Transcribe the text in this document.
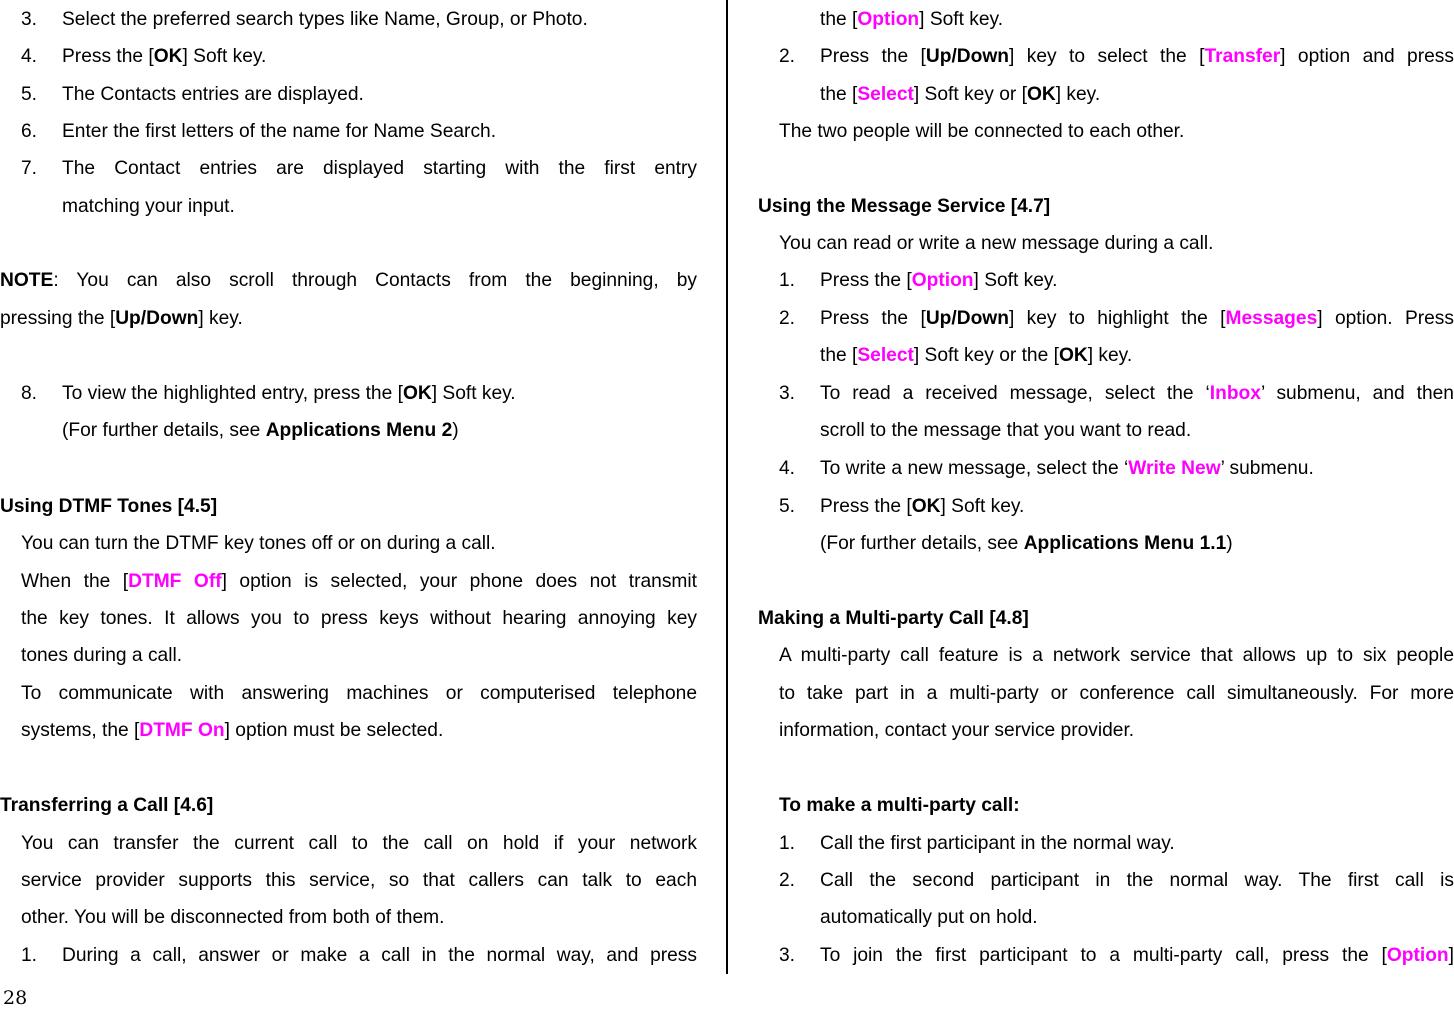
3. Select the preferred search types like Name, Group, or Photo.
4. Press the [OK] Soft key.
5. The Contacts entries are displayed.
6. Enter the first letters of the name for Name Search.
7. The Contact entries are displayed starting with the first entry
matching your input.
NOTE: You can also scroll through Contacts from the beginning, by
pressing the [Up/Down] key.
8. To view the highlighted entry, press the [OK] Soft key.
(For further details, see Applications Menu 2)
Using DTMF Tones [4.5]
You can turn the DTMF key tones off or on during a call.
When the [DTMF Off] option is selected, your phone does not transmit
the key tones. It allows you to press keys without hearing annoying key
tones during a call.
To communicate with answering machines or computerised telephone
systems, the [DTMF On] option must be selected.
Transferring a Call [4.6]
You can transfer the current call to the call on hold if your network
service provider supports this service, so that callers can talk to each
other. You will be disconnected from both of them.
1. During a call, answer or make a call in the normal way, and press
the [Option] Soft key.
2. Press the [Up/Down] key to select the [Transfer] option and press
the [Select] Soft key or [OK] key.
The two people will be connected to each other.
Using the Message Service [4.7]
You can read or write a new message during a call.
1. Press the [Option] Soft key.
2. Press the [Up/Down] key to highlight the [Messages] option. Press
the [Select] Soft key or the [OK] key.
3. To read a received message, select the ‘Inbox’ submenu, and then
scroll to the message that you want to read.
4. To write a new message, select the ‘Write New’ submenu.
5. Press the [OK] Soft key.
(For further details, see Applications Menu 1.1)
Making a Multi-party Call [4.8]
A multi-party call feature is a network service that allows up to six people
to take part in a multi-party or conference call simultaneously. For more
information, contact your service provider.
To make a multi-party call:
1. Call the first participant in the normal way.
2. Call the second participant in the normal way. The first call is
automatically put on hold.
3. To join the first participant to a multi-party call, press the [Option]
28
